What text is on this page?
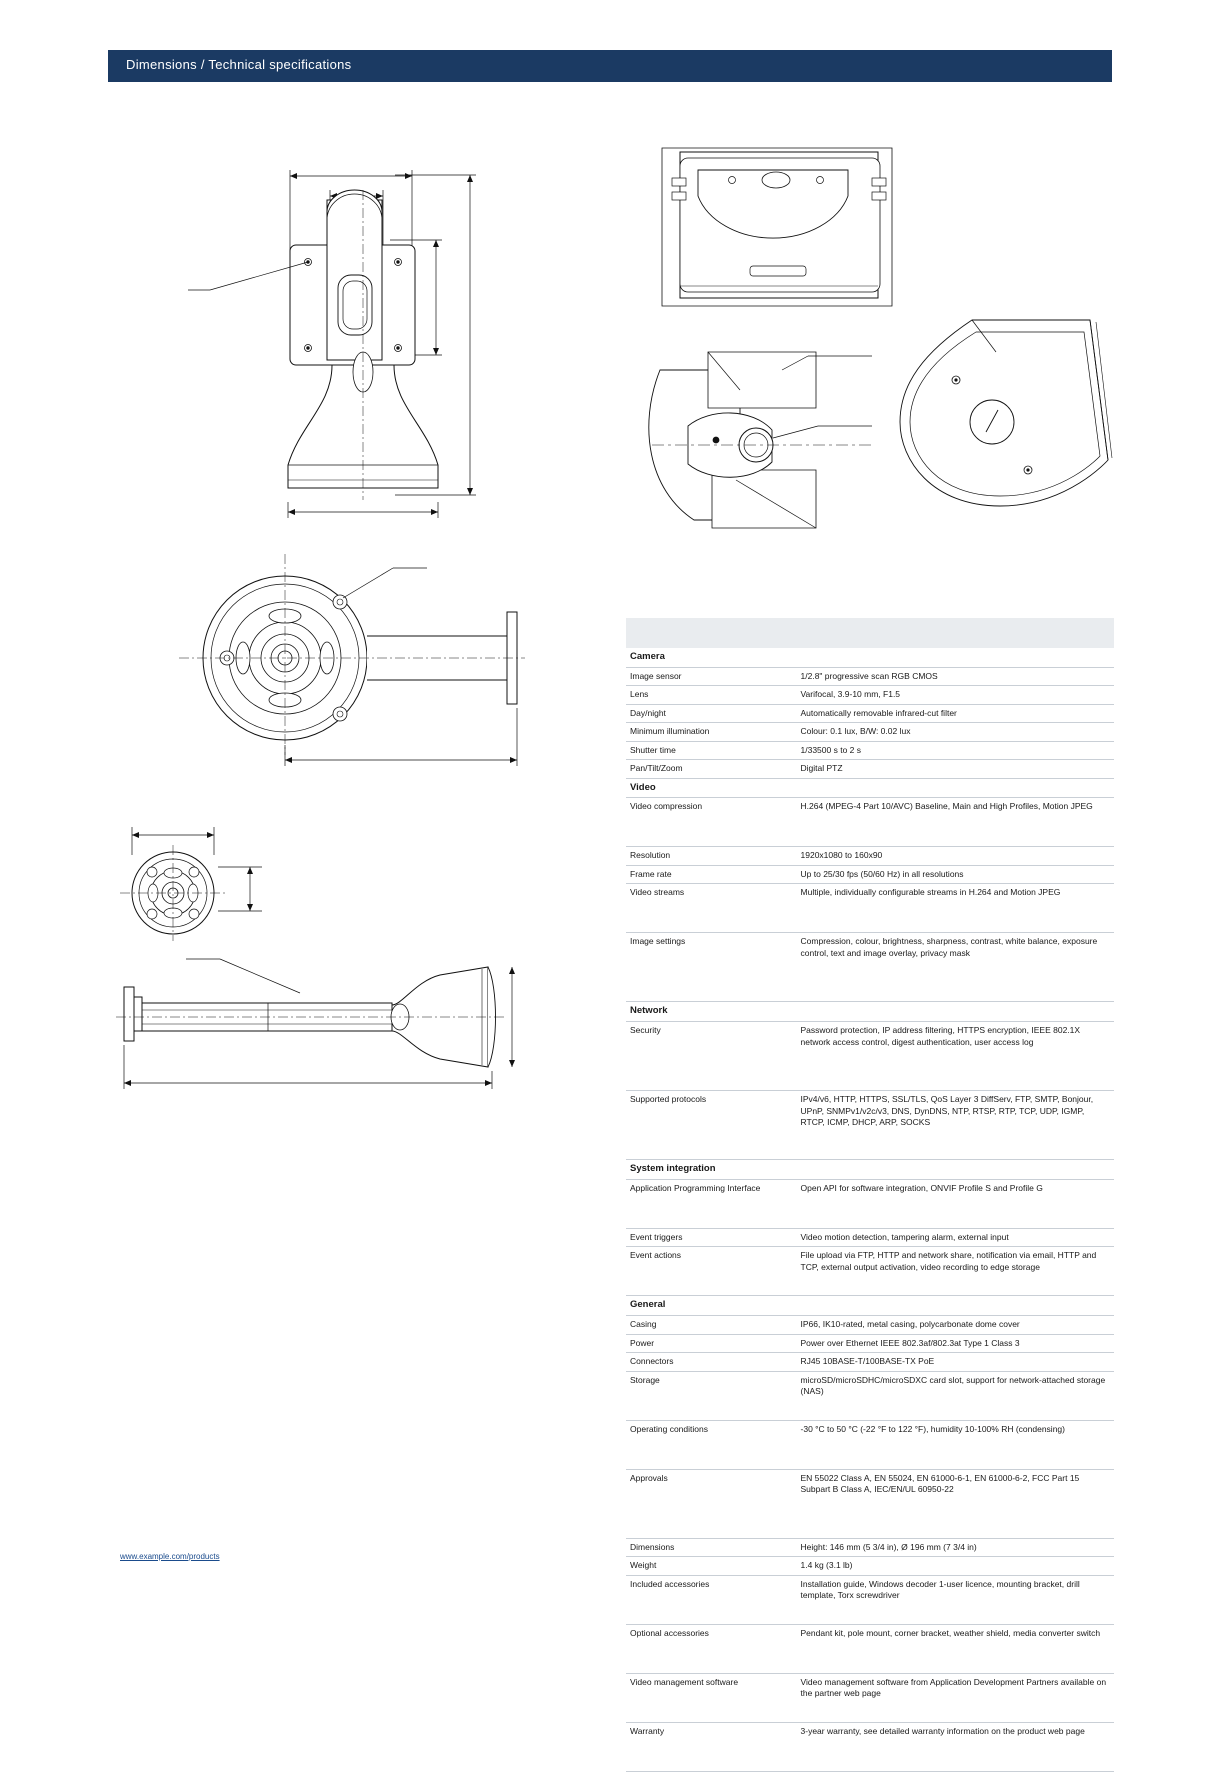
Dimensions / Technical specifications

Camera	
Image sensor	1/2.8" progressive scan RGB CMOS
Lens	Varifocal, 3.9-10 mm, F1.5
Day/night	Automatically removable infrared-cut filter
Minimum illumination	Colour: 0.1 lux, B/W: 0.02 lux
Shutter time	1/33500 s to 2 s
Pan/Tilt/Zoom	Digital PTZ
Video	
Video compression	H.264 (MPEG-4 Part 10/AVC) Baseline, Main and High Profiles, Motion JPEG
Resolution	1920x1080 to 160x90
Frame rate	Up to 25/30 fps (50/60 Hz) in all resolutions
Video streams	Multiple, individually configurable streams in H.264 and Motion JPEG
Image settings	Compression, colour, brightness, sharpness, contrast, white balance, exposure control, text and image overlay, privacy mask
Network	
Security	Password protection, IP address filtering, HTTPS encryption, IEEE 802.1X network access control, digest authentication, user access log
Supported protocols	IPv4/v6, HTTP, HTTPS, SSL/TLS, QoS Layer 3 DiffServ, FTP, SMTP, Bonjour, UPnP, SNMPv1/v2c/v3, DNS, DynDNS, NTP, RTSP, RTP, TCP, UDP, IGMP, RTCP, ICMP, DHCP, ARP, SOCKS
System integration	
Application Programming Interface	Open API for software integration, ONVIF Profile S and Profile G
Event triggers	Video motion detection, tampering alarm, external input
Event actions	File upload via FTP, HTTP and network share, notification via email, HTTP and TCP, external output activation, video recording to edge storage
General	
Casing	IP66, IK10-rated, metal casing, polycarbonate dome cover
Power	Power over Ethernet IEEE 802.3af/802.3at Type 1 Class 3
Connectors	RJ45 10BASE-T/100BASE-TX PoE
Storage	microSD/microSDHC/microSDXC card slot, support for network-attached storage (NAS)
Operating conditions	-30 °C to 50 °C (-22 °F to 122 °F), humidity 10-100% RH (condensing)
Approvals	EN 55022 Class A, EN 55024, EN 61000-6-1, EN 61000-6-2, FCC Part 15 Subpart B Class A, IEC/EN/UL 60950-22
Dimensions	Height: 146 mm (5 3/4 in), Ø 196 mm (7 3/4 in)
Weight	1.4 kg (3.1 lb)
Included accessories	Installation guide, Windows decoder 1-user licence, mounting bracket, drill template, Torx screwdriver
Optional accessories	Pendant kit, pole mount, corner bracket, weather shield, media converter switch
Video management software	Video management software from Application Development Partners available on the partner web page
Warranty	3-year warranty, see detailed warranty information on the product web page
www.example.com/products
